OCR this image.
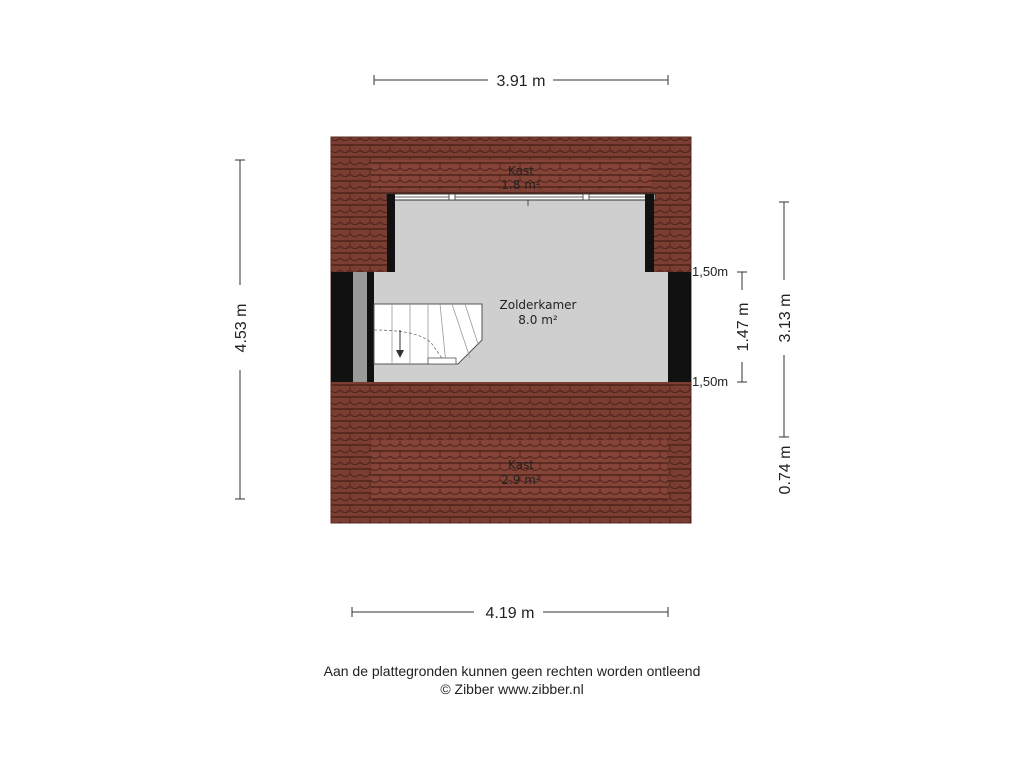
3.91 m
Kast
1.8 m²
Zolderkamer
8.0 m²
Kast
2.9 m²
4.53 m	1.47 m
1,50m
1,50m
3.13 m
0.74 m
4.19 m
Aan de plattegronden kunnen geen rechten worden ontleend
© Zibber www.zibber.nl
